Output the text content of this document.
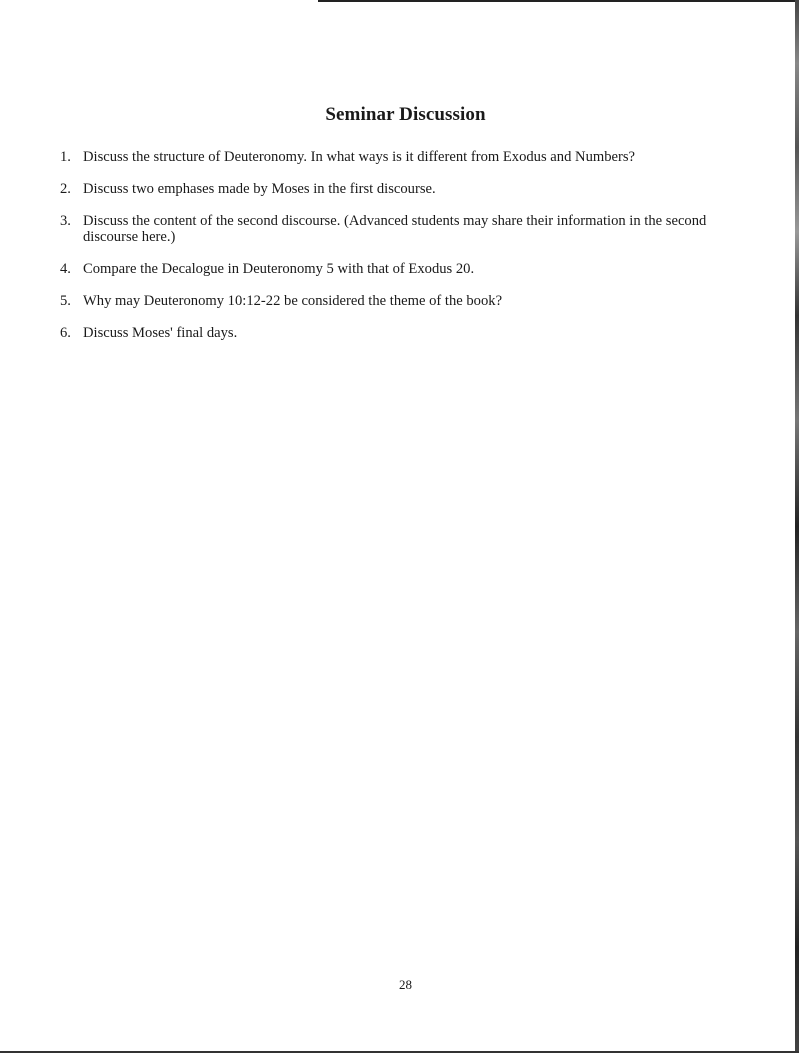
Seminar Discussion
1. Discuss the structure of Deuteronomy. In what ways is it different from Exodus and Numbers?
2. Discuss two emphases made by Moses in the first discourse.
3. Discuss the content of the second discourse. (Advanced students may share their information in the second discourse here.)
4. Compare the Decalogue in Deuteronomy 5 with that of Exodus 20.
5. Why may Deuteronomy 10:12-22 be considered the theme of the book?
6. Discuss Moses' final days.
28
